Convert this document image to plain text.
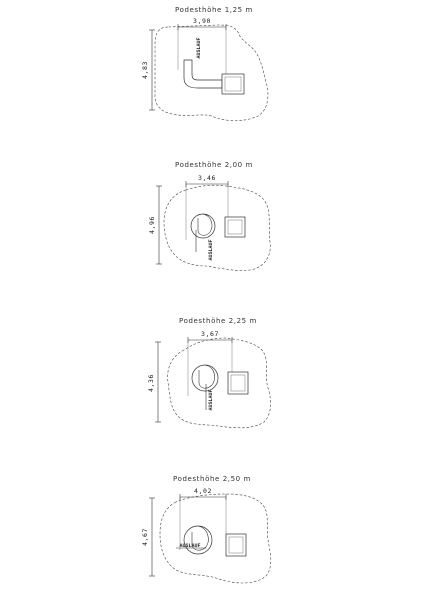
Podesthöhe 1,25 m
3,90
4,83
AUSLAUF
Podesthöhe 2,00 m
3,46
4,96
AUSLAUF
Podesthöhe 2,25 m
3,67
4,36
AUSLAUF
Podesthöhe 2,50 m
4,02
4,67	AUSLAUF
